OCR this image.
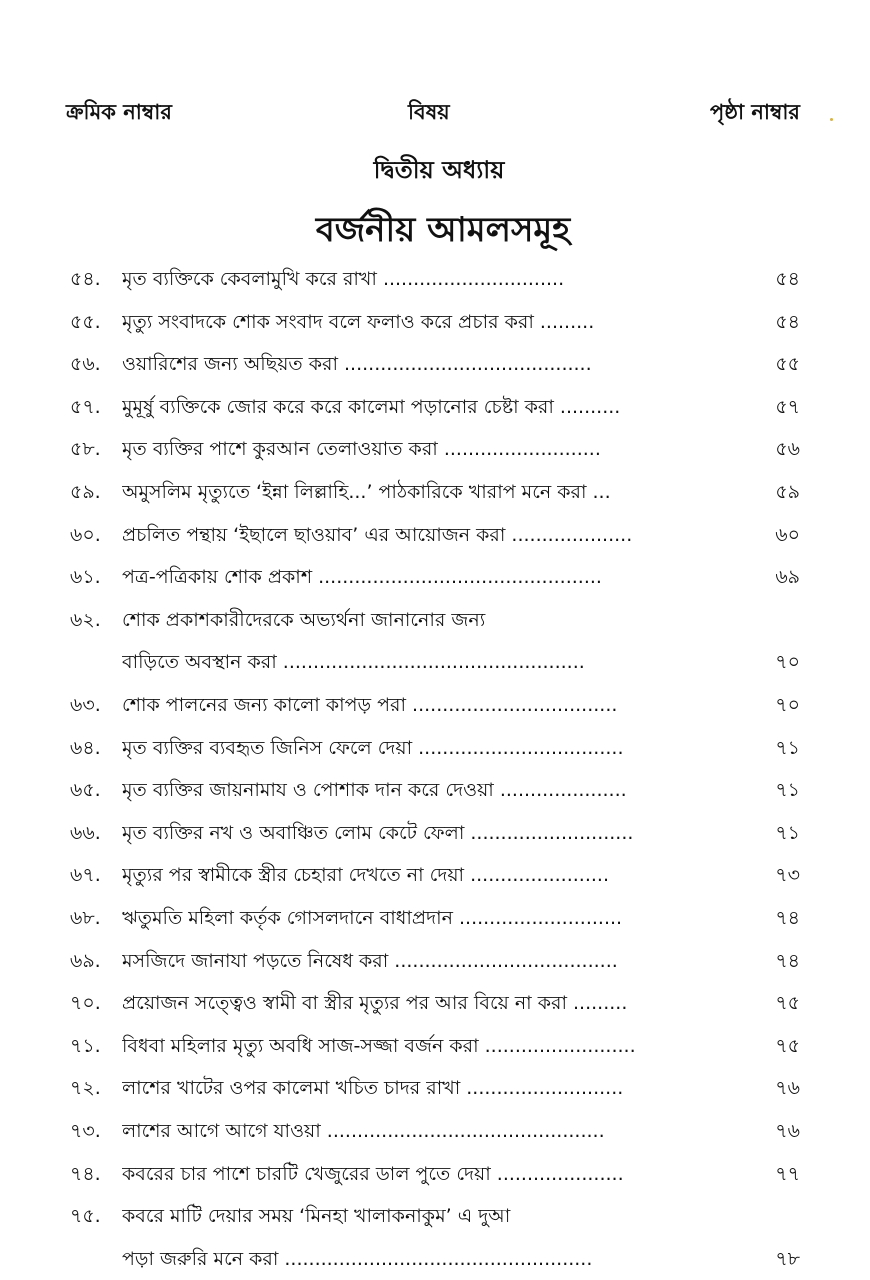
ক্রমিক নাম্বার	বিষয়	পৃষ্ঠা নাম্বার
দ্বিতীয় অধ্যায়
বর্জনীয় আমলসমূহ
৫৪.	মৃত ব্যক্তিকে কেবলামুখি করে রাখা ..............................	৫৪
৫৫.	মৃত্যু সংবাদকে শোক সংবাদ বলে ফলাও করে প্রচার করা .........	৫৪
৫৬.	ওয়ারিশের জন্য অছিয়ত করা .........................................	৫৫
৫৭.	মুমূর্ষু ব্যক্তিকে জোর করে করে কালেমা পড়ানোর চেষ্টা করা ..........	৫৭
৫৮.	মৃত ব্যক্তির পাশে কুরআন তেলাওয়াত করা ..........................	৫৬
৫৯.	অমুসলিম মৃত্যুতে ‘ইন্না লিল্লাহি...’ পাঠকারিকে খারাপ মনে করা ...	৫৯
৬০.	প্রচলিত পন্থায় ‘ইছালে ছাওয়াব’ এর আয়োজন করা ....................	৬০
৬১.	পত্র-পত্রিকায় শোক প্রকাশ ...............................................	৬৯
৬২.	শোক প্রকাশকারীদেরকে অভ্যর্থনা জানানোর জন্য
বাড়িতে অবস্থান করা ..................................................	৭০
৬৩.	শোক পালনের জন্য কালো কাপড় পরা ..................................	৭০
৬৪.	মৃত ব্যক্তির ব্যবহৃত জিনিস ফেলে দেয়া ..................................	৭১
৬৫.	মৃত ব্যক্তির জায়নামায ও পোশাক দান করে দেওয়া .....................	৭১
৬৬.	মৃত ব্যক্তির নখ ও অবাঞ্চিত লোম কেটে ফেলা ...........................	৭১
৬৭.	মৃত্যুর পর স্বামীকে স্ত্রীর চেহারা দেখতে না দেয়া .......................	৭৩
৬৮.	ঋতুমতি মহিলা কর্তৃক গোসলদানে বাধাপ্রদান ...........................	৭৪
৬৯.	মসজিদে জানাযা পড়তে নিষেধ করা .....................................	৭৪
৭০.	প্রয়োজন সত্ত্বেও স্বামী বা স্ত্রীর মৃত্যুর পর আর বিয়ে না করা .........	৭৫
৭১.	বিধবা মহিলার মৃত্যু অবধি সাজ-সজ্জা বর্জন করা .........................	৭৫
৭২.	লাশের খাটের ওপর কালেমা খচিত চাদর রাখা ..........................	৭৬
৭৩.	লাশের আগে আগে যাওয়া ..............................................	৭৬
৭৪.	কবরের চার পাশে চারটি খেজুরের ডাল পুতে দেয়া .....................	৭৭
৭৫.	কবরে মাটি দেয়ার সময় ‘মিনহা খালাকনাকুম’ এ দুআ
পড়া জরুরি মনে করা ...................................................	৭৮
